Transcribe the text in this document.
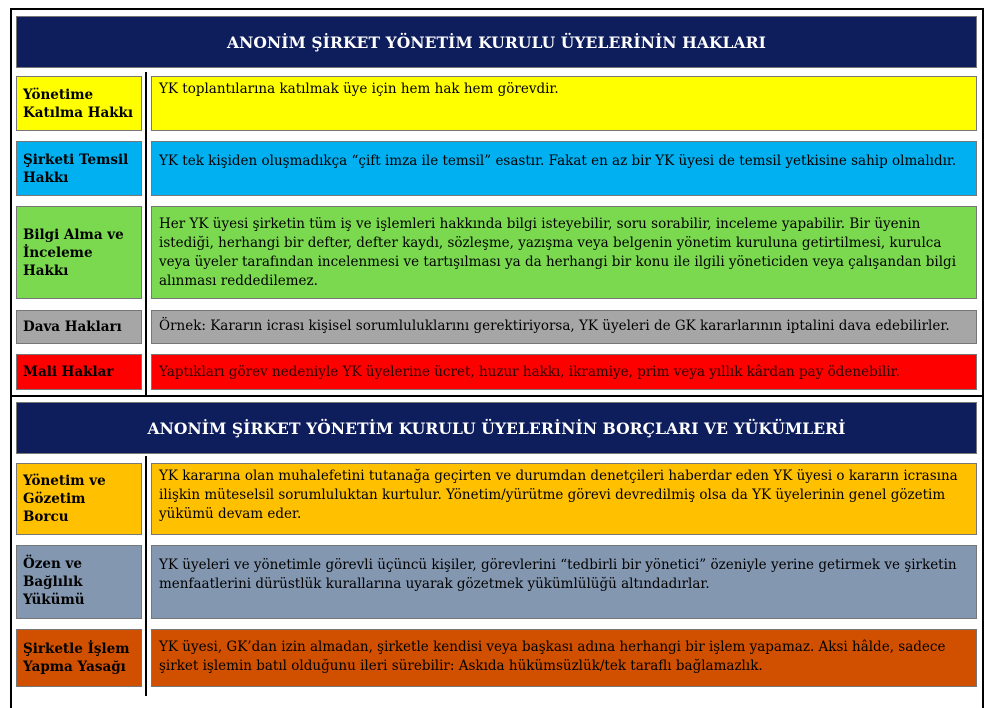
ANONİM ŞİRKET YÖNETİM KURULU ÜYELERİNİN HAKLARI
Yönetime Katılma Hakkı
YK toplantılarına katılmak üye için hem hak hem görevdir.
Şirketi Temsil Hakkı
YK tek kişiden oluşmadıkça “çift imza ile temsil” esastır. Fakat en az bir YK üyesi de temsil yetkisine sahip olmalıdır.
Bilgi Alma ve İnceleme Hakkı
Her YK üyesi şirketin tüm iş ve işlemleri hakkında bilgi isteyebilir, soru sorabilir, inceleme yapabilir. Bir üyenin istediği, herhangi bir defter, defter kaydı, sözleşme, yazışma veya belgenin yönetim kuruluna getirtilmesi, kurulca veya üyeler tarafından incelenmesi ve tartışılması ya da herhangi bir konu ile ilgili yöneticiden veya çalışandan bilgi alınması reddedilemez.
Dava Hakları	Örnek: Kararın icrası kişisel sorumluluklarını gerektiriyorsa, YK üyeleri de GK kararlarının iptalini dava edebilirler.
Mali Haklar	Yaptıkları görev nedeniyle YK üyelerine ücret, huzur hakkı, ikramiye, prim veya yıllık kârdan pay ödenebilir.
ANONİM ŞİRKET YÖNETİM KURULU ÜYELERİNİN BORÇLARI VE YÜKÜMLERİ
Yönetim ve Gözetim Borcu
YK kararına olan muhalefetini tutanağa geçirten ve durumdan denetçileri haberdar eden YK üyesi o kararın icrasına ilişkin müteselsil sorumluluktan kurtulur. Yönetim/yürütme görevi devredilmiş olsa da YK üyelerinin genel gözetim yükümü devam eder.
Özen ve Bağlılık Yükümü
YK üyeleri ve yönetimle görevli üçüncü kişiler, görevlerini “tedbirli bir yönetici” özeniyle yerine getirmek ve şirketin menfaatlerini dürüstlük kurallarına uyarak gözetmek yükümlülüğü altındadırlar.
Şirketle İşlem Yapma Yasağı
YK üyesi, GK’dan izin almadan, şirketle kendisi veya başkası adına herhangi bir işlem yapamaz. Aksi hâlde, sadece şirket işlemin batıl olduğunu ileri sürebilir: Askıda hükümsüzlük/tek taraflı bağlamazlık.
